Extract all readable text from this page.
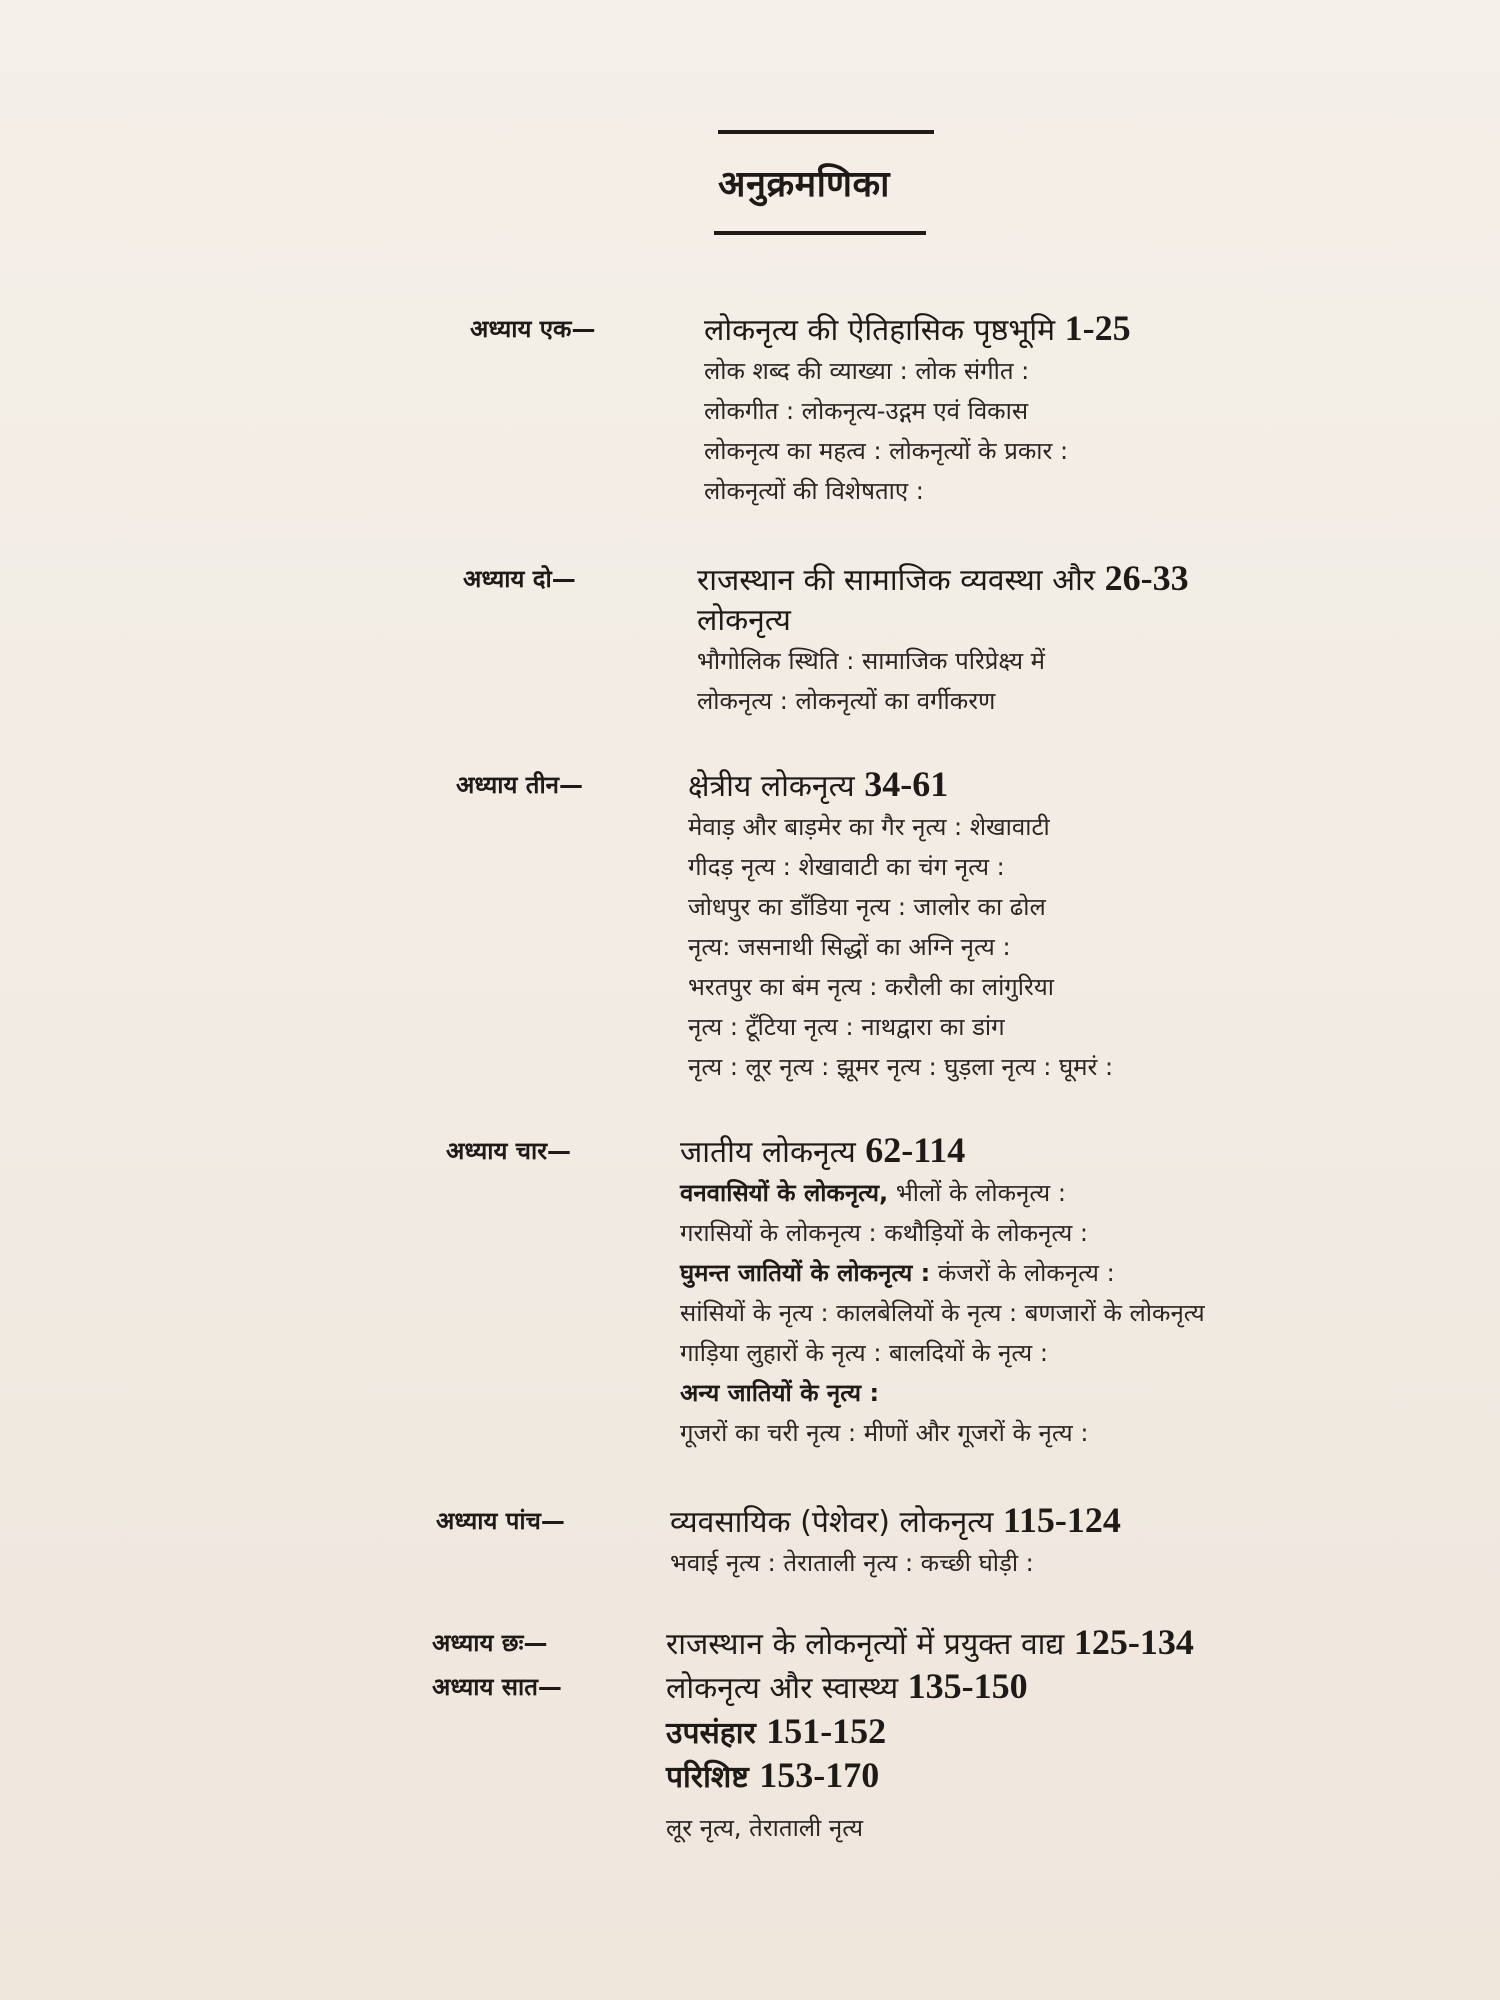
अनुक्रमणिका
अध्याय एक—	लोकनृत्य की ऐतिहासिक पृष्ठभूमि 1-25
लोक शब्द की व्याख्या : लोक संगीत :
लोकगीत : लोकनृत्य-उद्गम एवं विकास
लोकनृत्य का महत्व : लोकनृत्यों के प्रकार :
लोकनृत्यों की विशेषताए :
अध्याय दो—	राजस्थान की सामाजिक व्यवस्था और 26-33
लोकनृत्य
भौगोलिक स्थिति : सामाजिक परिप्रेक्ष्य में
लोकनृत्य : लोकनृत्यों का वर्गीकरण
अध्याय तीन—	क्षेत्रीय लोकनृत्य 34-61
मेवाड़ और बाड़मेर का गैर नृत्य : शेखावाटी
गीदड़ नृत्य : शेखावाटी का चंग नृत्य :
जोधपुर का डाँडिया नृत्य : जालोर का ढोल
नृत्य: जसनाथी सिद्धों का अग्नि नृत्य :
भरतपुर का बंम नृत्य : करौली का लांगुरिया
नृत्य : टूँटिया नृत्य : नाथद्वारा का डांग
नृत्य : लूर नृत्य : झूमर नृत्य : घुड़ला नृत्य : घूमरं :
अध्याय चार—	जातीय लोकनृत्य 62-114
वनवासियों के लोकनृत्य, भीलों के लोकनृत्य :
गरासियों के लोकनृत्य : कथौड़ियों के लोकनृत्य :
घुमन्त जातियों के लोकनृत्य : कंजरों के लोकनृत्य :
सांसियों के नृत्य : कालबेलियों के नृत्य : बणजारों के लोकनृत्य
गाड़िया लुहारों के नृत्य : बालदियों के नृत्य :
अन्य जातियों के नृत्य :
गूजरों का चरी नृत्य : मीणों और गूजरों के नृत्य :
अध्याय पांच—	व्यवसायिक (पेशेवर) लोकनृत्य 115-124
भवाई नृत्य : तेराताली नृत्य : कच्छी घोड़ी :
अध्याय छः—	राजस्थान के लोकनृत्यों में प्रयुक्त वाद्य 125-134
अध्याय सात—	लोकनृत्य और स्वास्थ्य 135-150
उपसंहार 151-152
परिशिष्ट 153-170
लूर नृत्य, तेराताली नृत्य
